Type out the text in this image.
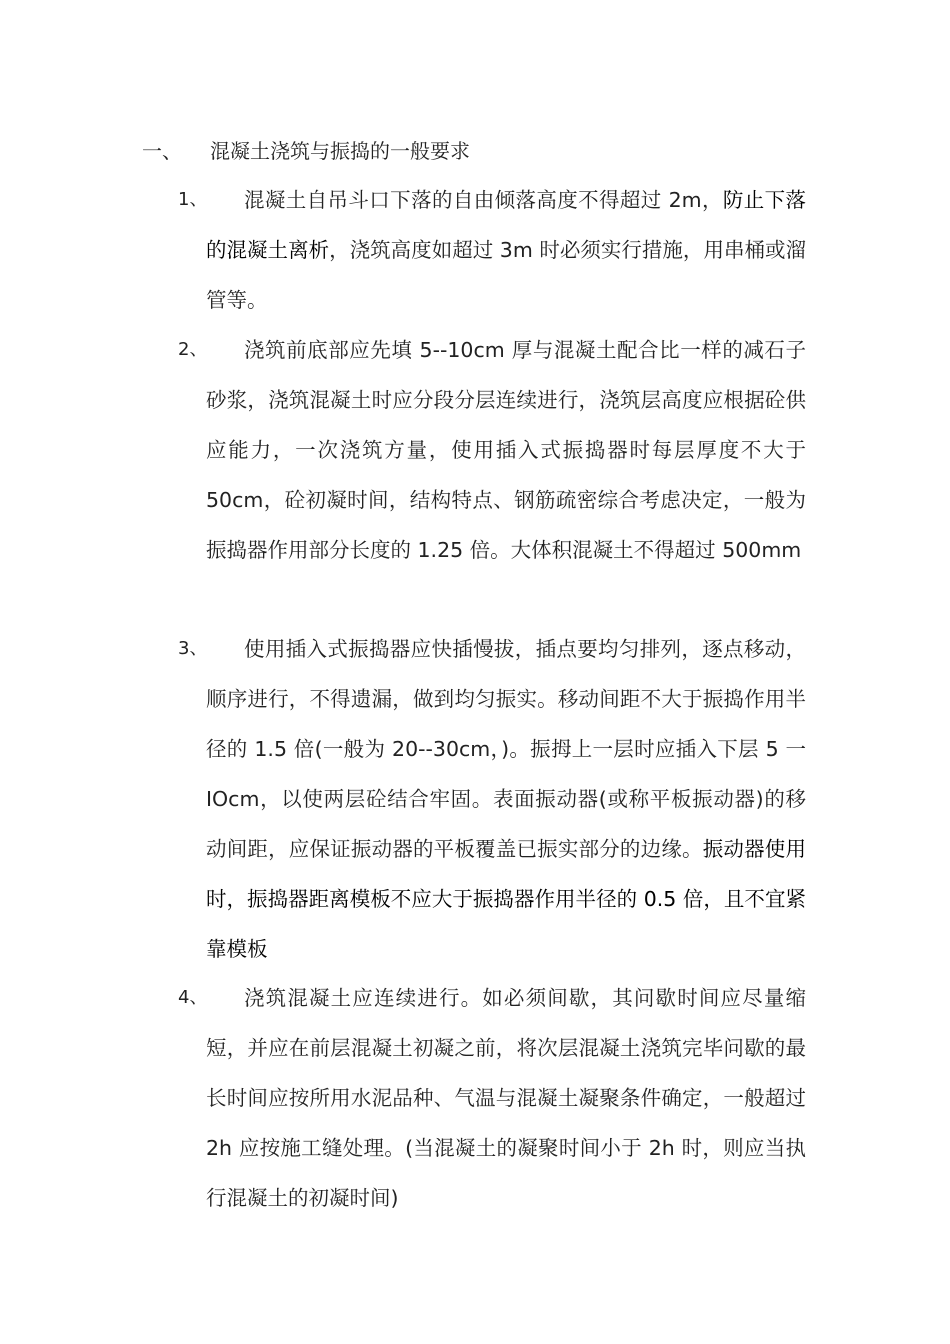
一、 混凝土浇筑与振捣的一般要求
1、	混凝土自吊斗口下落的自由倾落高度不得超过 2m，防止下落的混凝土离析，浇筑高度如超过 3m 时必须实行措施，用串桶或溜管等。
2、	浇筑前底部应先填 5--10cm 厚与混凝土配合比一样的减石子砂浆，浇筑混凝土时应分段分层连续进行，浇筑层高度应根据砼供应能力，一次浇筑方量，使用插入式振捣器时每层厚度不大于 50cm，砼初凝时间，结构特点、钢筋疏密综合考虑决定，一般为振捣器作用部分长度的 1.25 倍。大体积混凝土不得超过 500mm
3、	使用插入式振捣器应快插慢拔，插点要均匀排列，逐点移动，顺序进行，不得遗漏，做到均匀振实。移动间距不大于振捣作用半径的 1.5 倍(一般为 20--30cm，)。振拇上一层时应插入下层 5 一 IOcm，以使两层砼结合牢固。表面振动器(或称平板振动器)的移动间距，应保证振动器的平板覆盖已振实部分的边缘。振动器使用时，振捣器距离模板不应大于振捣器作用半径的 0.5 倍，且不宜紧靠模板
4、	浇筑混凝土应连续进行。如必须间歇，其问歇时间应尽量缩短，并应在前层混凝土初凝之前，将次层混凝土浇筑完毕问歇的最长时间应按所用水泥品种、气温与混凝土凝聚条件确定，一般超过 2h 应按施工缝处理。(当混凝土的凝聚时间小于 2h 时，则应当执行混凝土的初凝时间)
